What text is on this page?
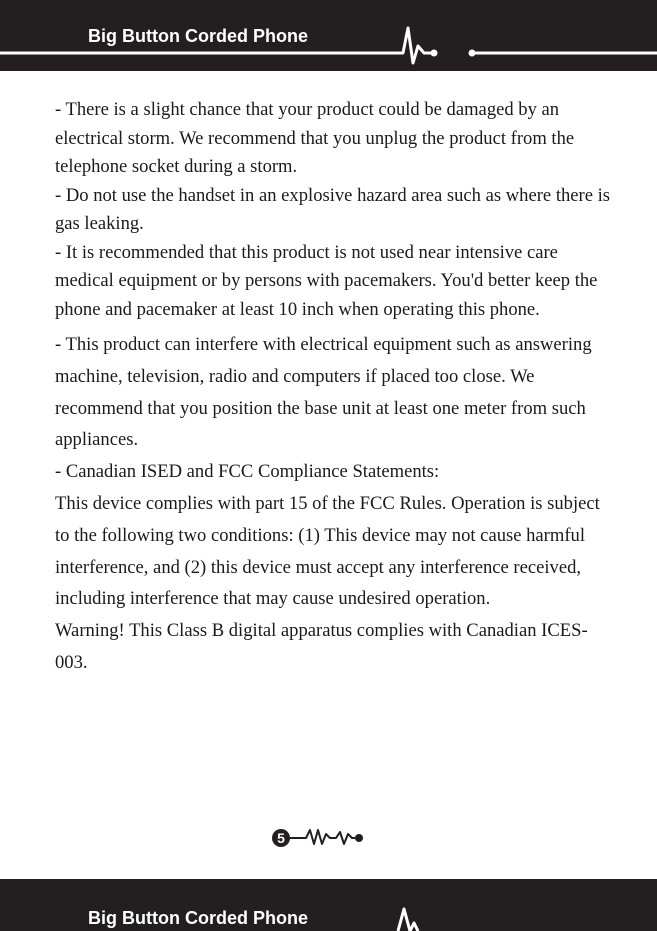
Big Button Corded Phone

- There is a slight chance that your product could be damaged by an electrical storm. We recommend that you unplug the product from the telephone socket during a storm.

- Do not use the handset in an explosive hazard area such as where there is gas leaking.

- It is recommended that this product is not used near intensive care medical equipment or by persons with pacemakers. You'd better keep the phone and pacemaker at least 10 inch when operating this phone.

- This product can interfere with electrical equipment such as answering machine, television, radio and computers if placed too close. We recommend that you position the base unit at least one meter from such appliances.

- Canadian ISED and FCC Compliance Statements:

This device complies with part 15 of the FCC Rules. Operation is subject to the following two conditions: (1) This device may not cause harmful interference, and (2) this device must accept any interference received, including interference that may cause undesired operation.

Warning! This Class B digital apparatus complies with Canadian ICES-003.

5
Big Button Corded Phone
